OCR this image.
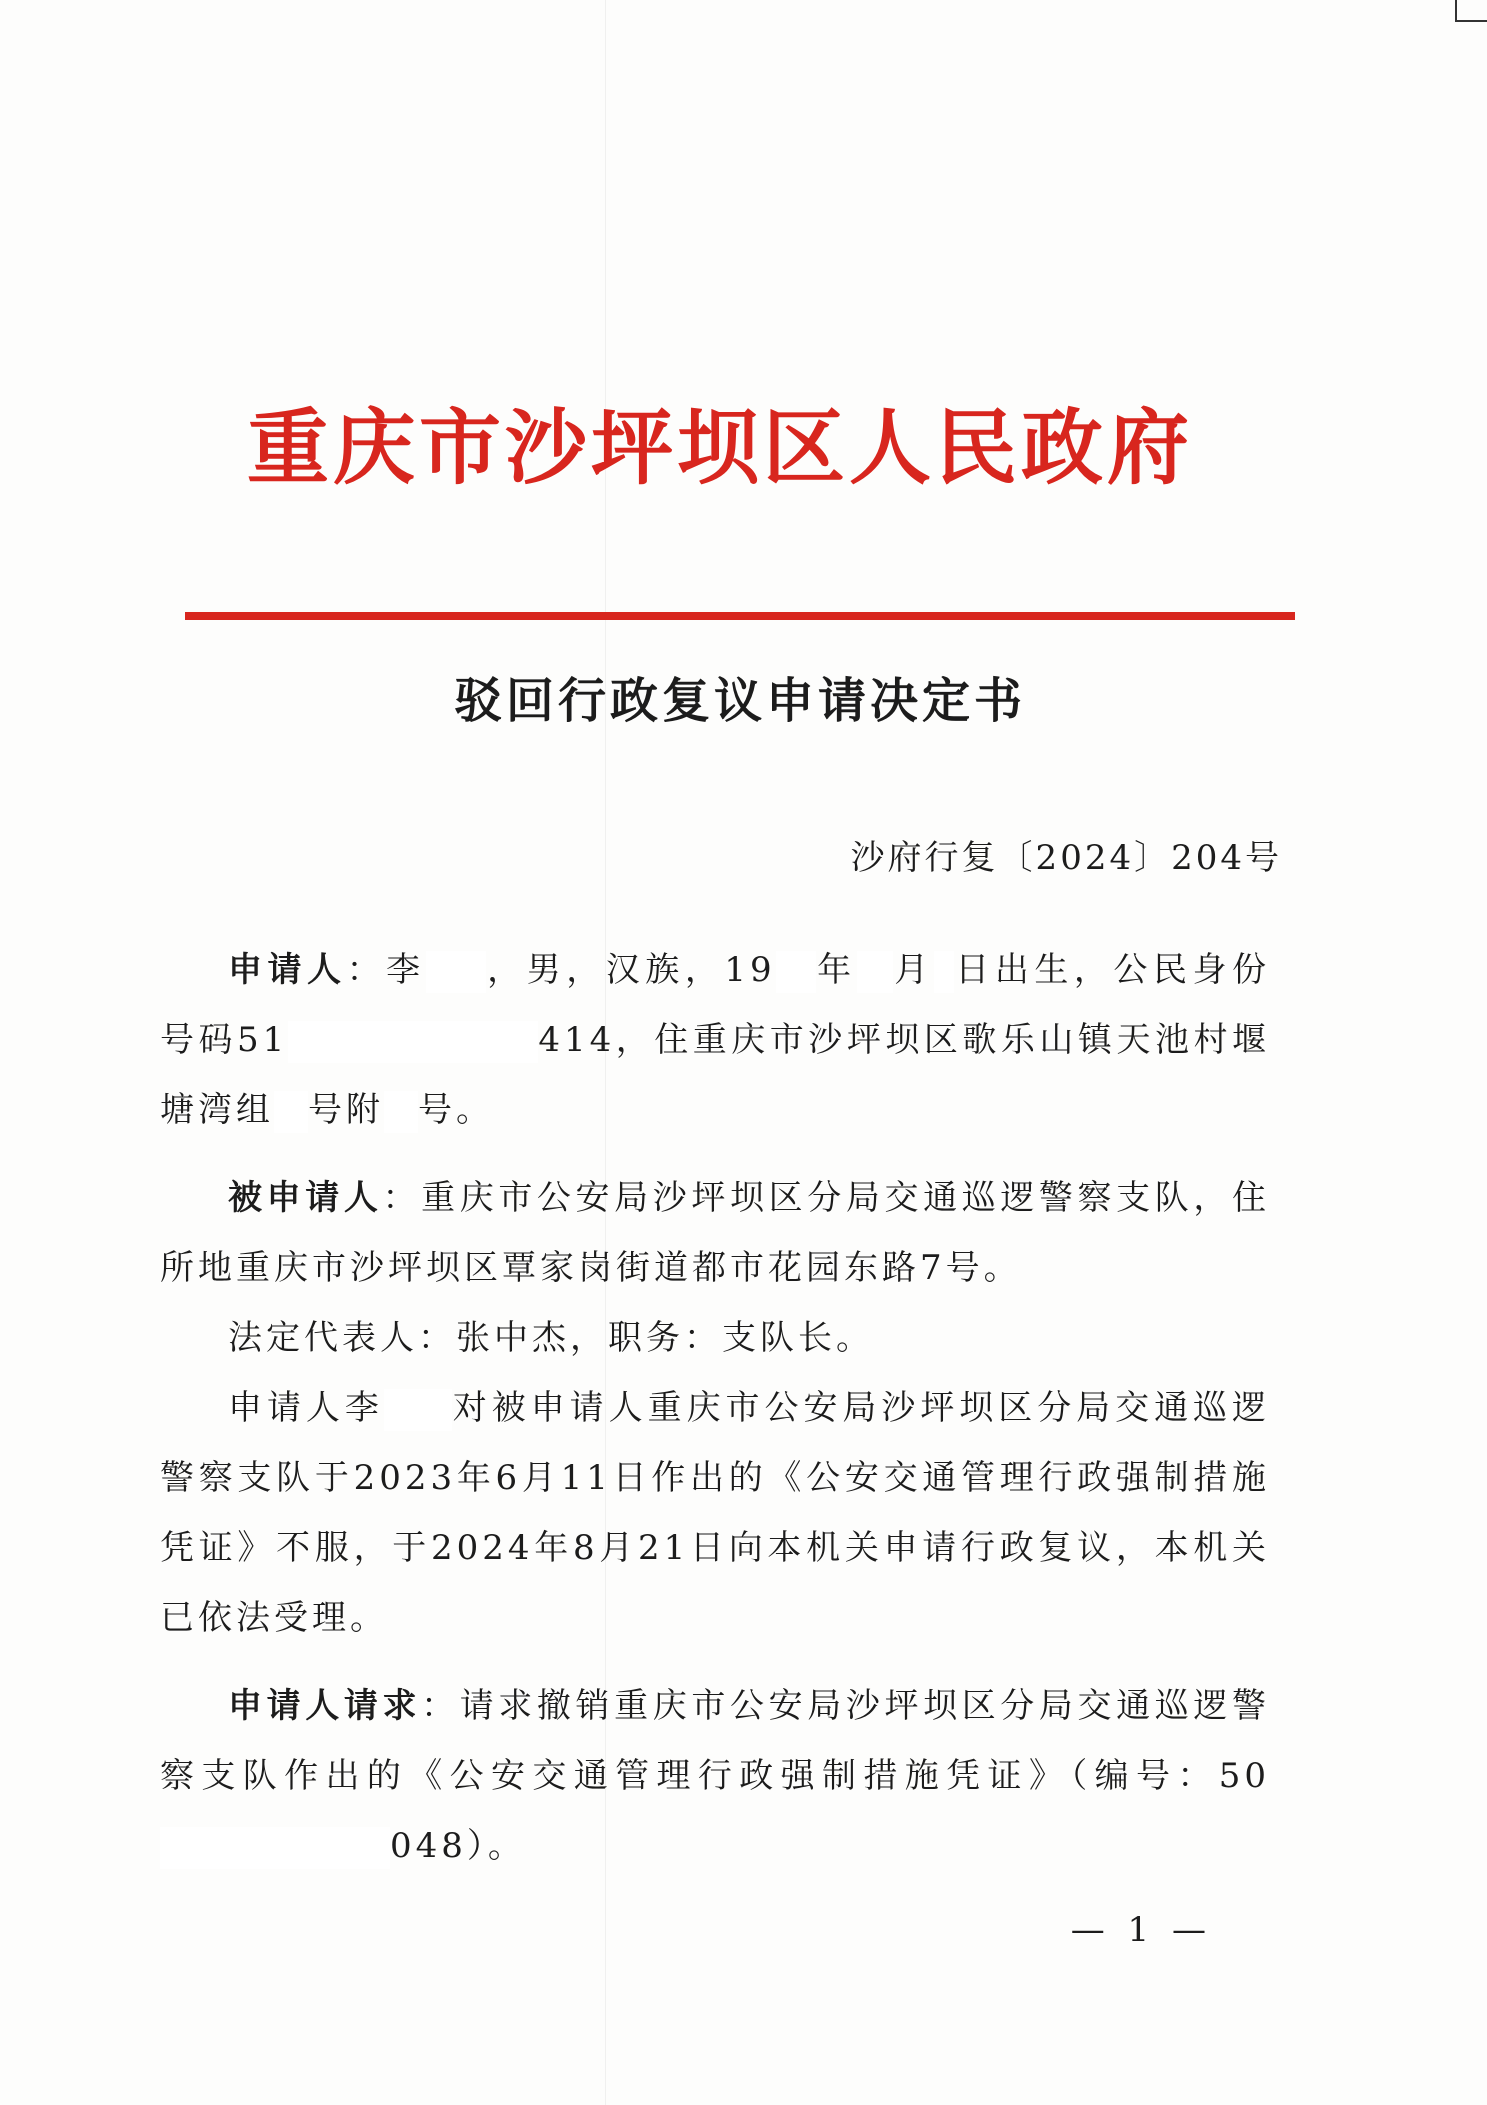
重庆市沙坪坝区人民政府
驳回行政复议申请决定书
沙府行复〔2024〕204号

申请人：李 ，男，汉族，19 年 月 日出生，公民身份号码51	414，住重庆市沙坪坝区歌乐山镇天池村堰塘湾组 号附 号。

被申请人：重庆市公安局沙坪坝区分局交通巡逻警察支队，住所地重庆市沙坪坝区覃家岗街道都市花园东路7号。

法定代表人：张中杰，职务：支队长。

申请人李 对被申请人重庆市公安局沙坪坝区分局交通巡逻警察支队于2023年6月11日作出的《公安交通管理行政强制措施凭证》不服，于2024年8月21日向本机关申请行政复议，本机关已依法受理。

申请人请求：请求撤销重庆市公安局沙坪坝区分局交通巡逻警察支队作出的《公安交通管理行政强制措施凭证》（编号：50048）。

— 1 —
